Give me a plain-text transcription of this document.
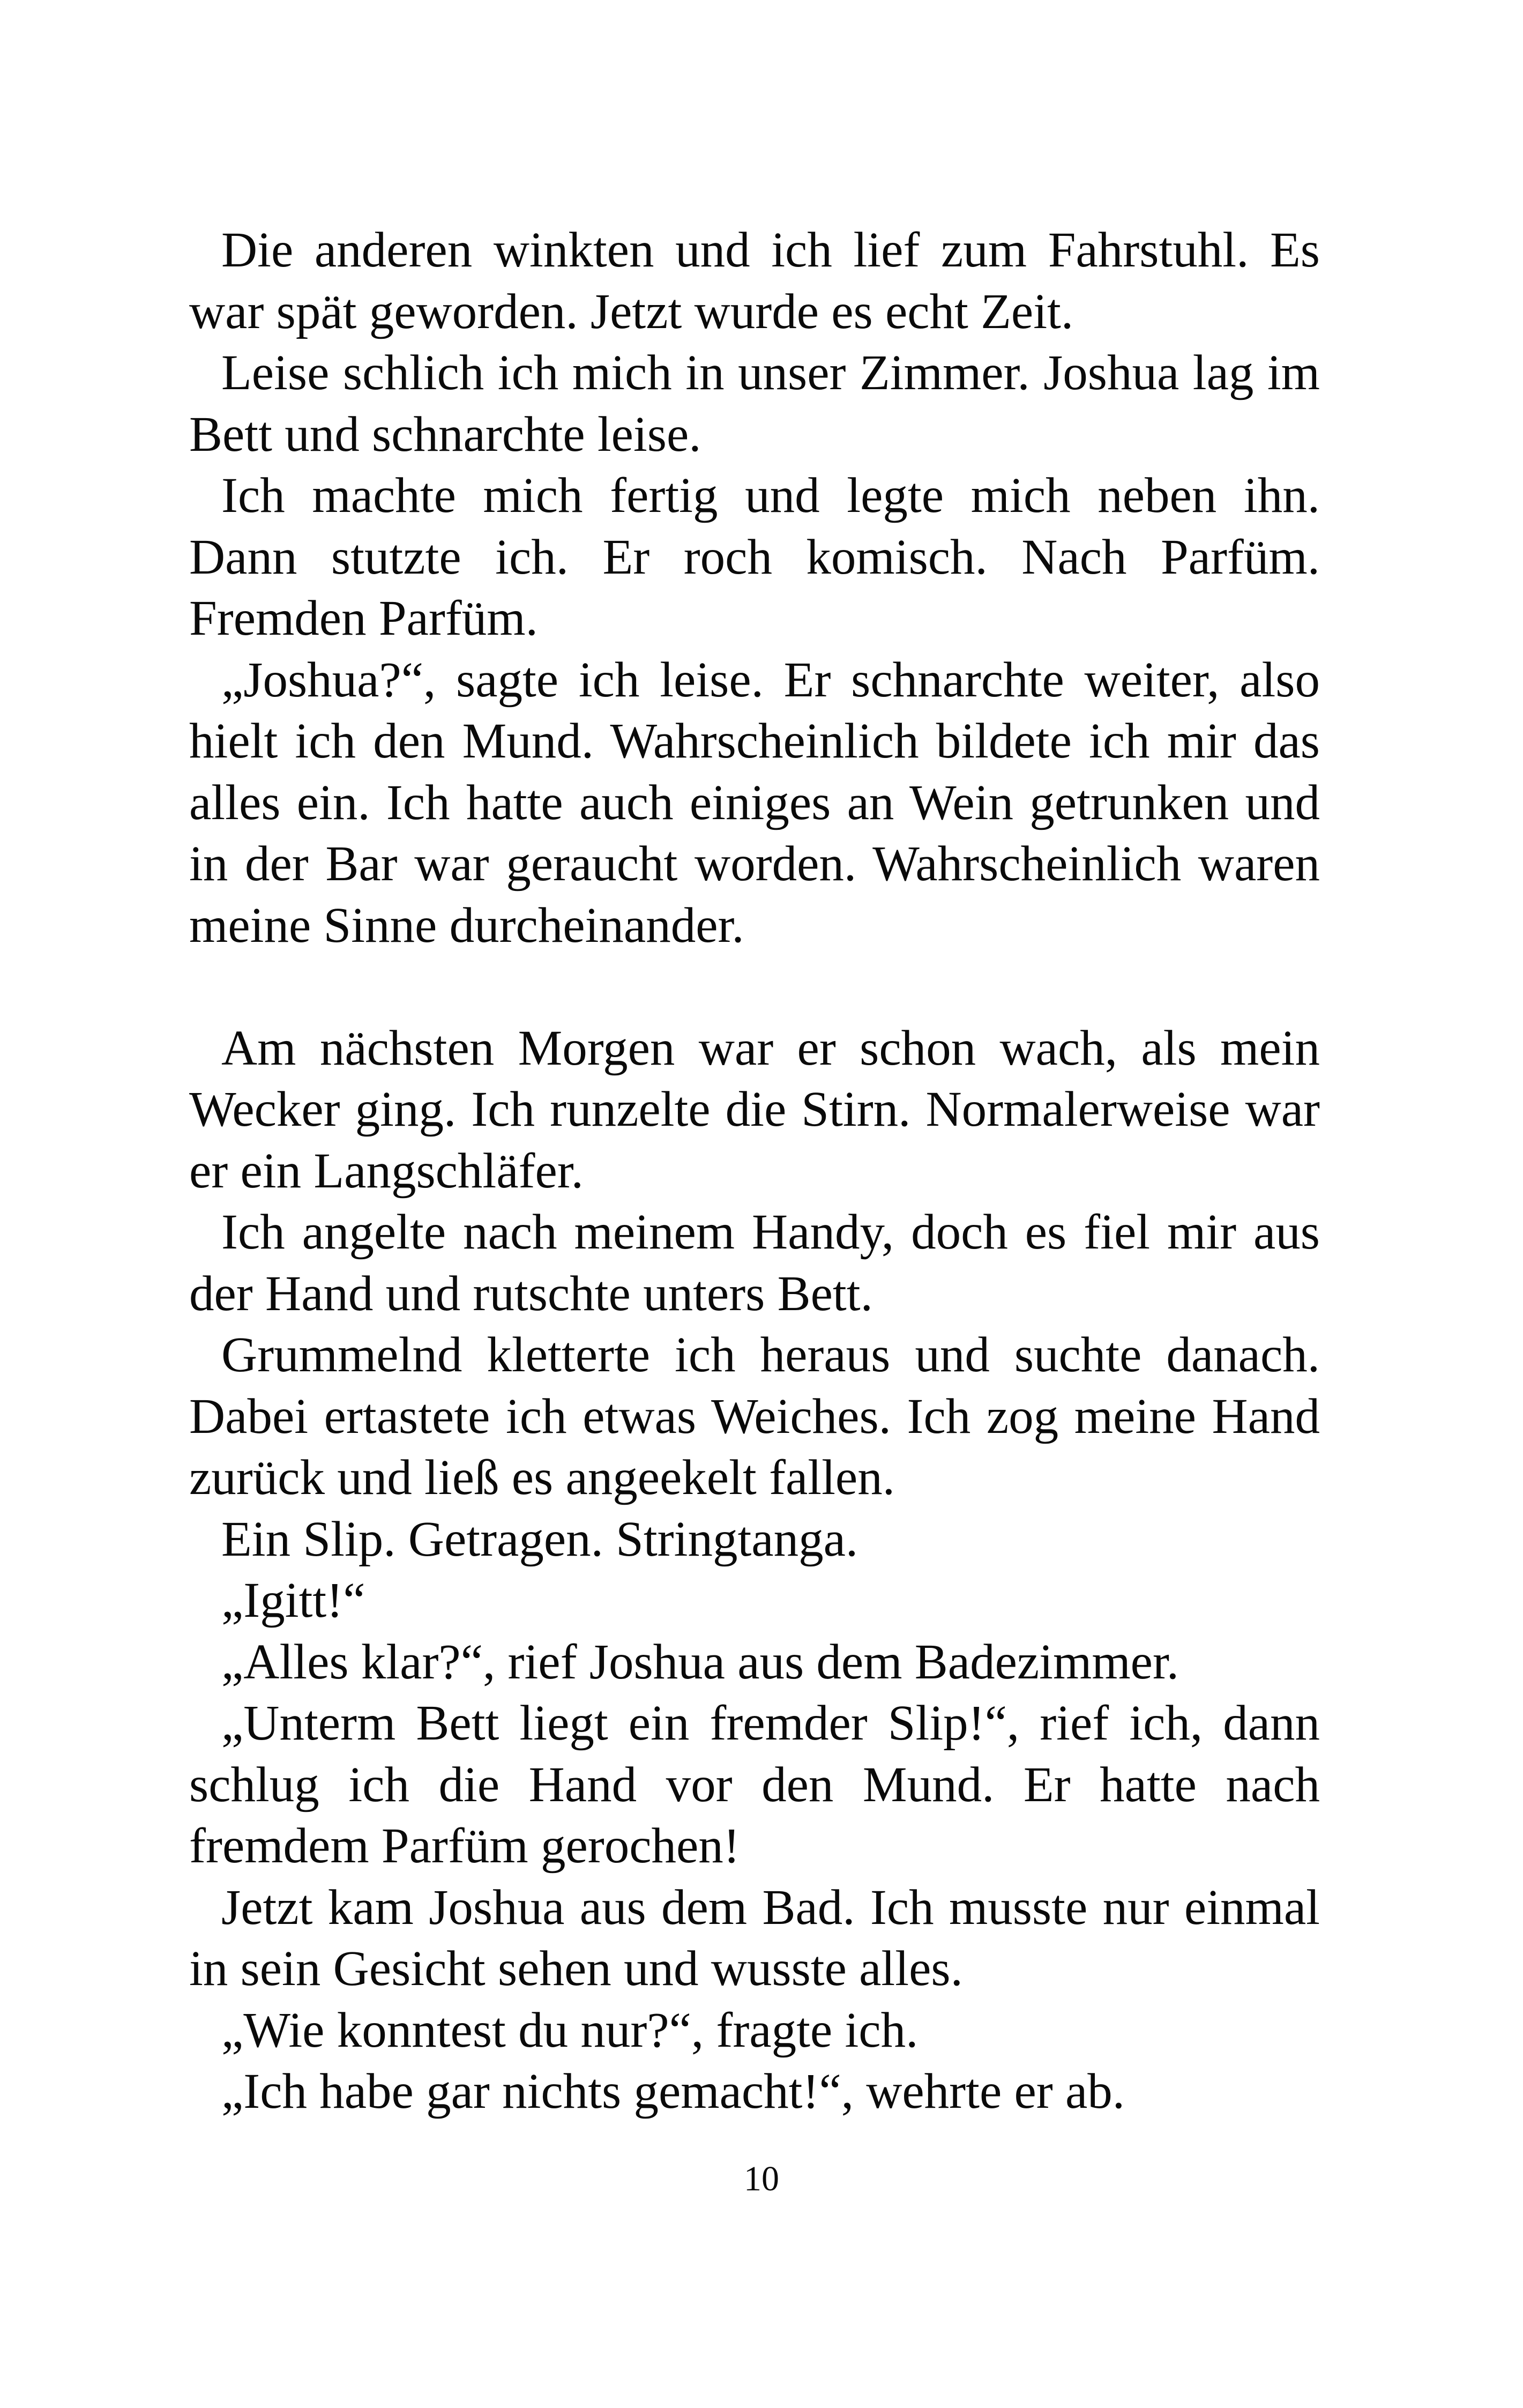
Die anderen winkten und ich lief zum Fahrstuhl. Es war spät geworden. Jetzt wurde es echt Zeit.

Leise schlich ich mich in unser Zimmer. Joshua lag im Bett und schnarchte leise.

Ich machte mich fertig und legte mich neben ihn. Dann stutzte ich. Er roch komisch. Nach Parfüm. Fremden Parfüm.

„Joshua?“, sagte ich leise. Er schnarchte weiter, also hielt ich den Mund. Wahrscheinlich bildete ich mir das alles ein. Ich hatte auch einiges an Wein getrunken und in der Bar war geraucht worden. Wahrscheinlich waren meine Sinne durcheinander.

Am nächsten Morgen war er schon wach, als mein Wecker ging. Ich runzelte die Stirn. Normalerweise war er ein Langschläfer.

Ich angelte nach meinem Handy, doch es fiel mir aus der Hand und rutschte unters Bett.

Grummelnd kletterte ich heraus und suchte danach. Dabei ertastete ich etwas Weiches. Ich zog meine Hand zurück und ließ es angeekelt fallen.

Ein Slip. Getragen. Stringtanga.

„Igitt!“

„Alles klar?“, rief Joshua aus dem Badezimmer.

„Unterm Bett liegt ein fremder Slip!“, rief ich, dann schlug ich die Hand vor den Mund. Er hatte nach fremdem Parfüm gerochen!

Jetzt kam Joshua aus dem Bad. Ich musste nur einmal in sein Gesicht sehen und wusste alles.

„Wie konntest du nur?“, fragte ich.

„Ich habe gar nichts gemacht!“, wehrte er ab.

10
